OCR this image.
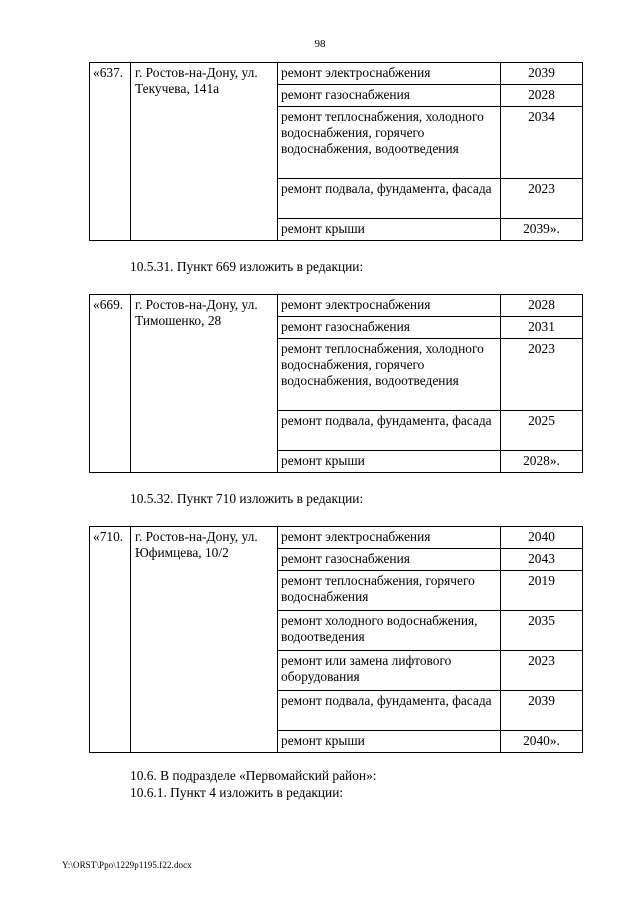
98
«637.	г. Ростов-на-Дону, ул. Текучева, 141а	ремонт электроснабжения	2039
		ремонт газоснабжения	2028
		ремонт теплоснабжения, холодного водоснабжения, горячего водоснабжения, водоотведения	2034
		ремонт подвала, фундамента, фасада	2023
		ремонт крыши	2039».
10.5.31. Пункт 669 изложить в редакции:
«669.	г. Ростов-на-Дону, ул. Тимошенко, 28	ремонт электроснабжения	2028
		ремонт газоснабжения	2031
		ремонт теплоснабжения, холодного водоснабжения, горячего водоснабжения, водоотведения	2023
		ремонт подвала, фундамента, фасада	2025
		ремонт крыши	2028».
10.5.32. Пункт 710 изложить в редакции:
«710.	г. Ростов-на-Дону, ул. Юфимцева, 10/2	ремонт электроснабжения	2040
		ремонт газоснабжения	2043
		ремонт теплоснабжения, горячего водоснабжения	2019
		ремонт холодного водоснабжения, водоотведения	2035
		ремонт или замена лифтового оборудования	2023
		ремонт подвала, фундамента, фасада	2039
		ремонт крыши	2040».
10.6. В подразделе «Первомайский район»:
10.6.1. Пункт 4 изложить в редакции:
Y:\ORST\Ppo\1229p1195.f22.docx
